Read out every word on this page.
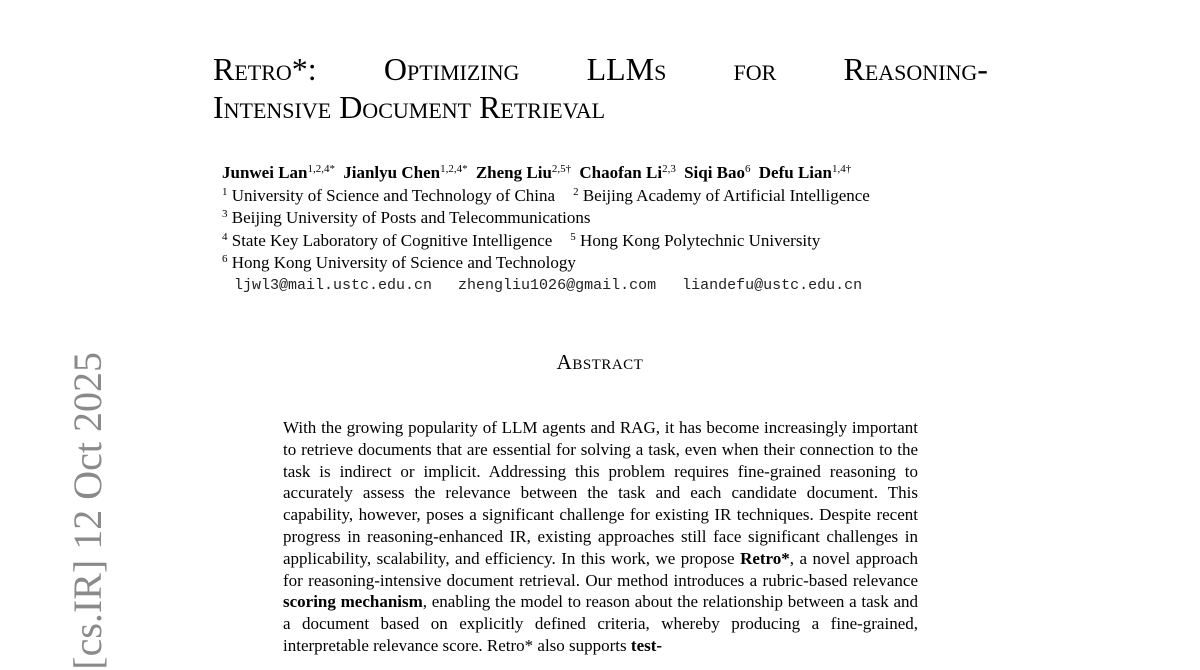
[cs.IR] 12 Oct 2025
Retro*: Optimizing LLMs for Reasoning-
Intensive Document Retrieval
Junwei Lan$^{1,2,4*}$ Jianlyu Chen$^{1,2,4*}$ Zheng Liu$^{2,5\dagger}$ Chaofan Li$^{2,3}$ Siqi Bao$^6$ Defu Lian$^{1,4\dagger}$
$^1$ University of Science and Technology of China $^2$ Beijing Academy of Artificial Intelligence
$^3$ Beijing University of Posts and Telecommunications
$^4$ State Key Laboratory of Cognitive Intelligence $^5$ Hong Kong Polytechnic University
$^6$ Hong Kong University of Science and Technology
ljwl3@mail.ustc.edu.cn zhengliu1026@gmail.com liandefu@ustc.edu.cn
Abstract

With the growing popularity of LLM agents and RAG, it has become increasingly important to retrieve documents that are essential for solving a task, even when their connection to the task is indirect or implicit. Addressing this problem requires fine-grained reasoning to accurately assess the relevance between the task and each candidate document. This capability, however, poses a significant challenge for existing IR techniques. Despite recent progress in reasoning-enhanced IR, existing approaches still face significant challenges in applicability, scalability, and efficiency. In this work, we propose Retro*, a novel approach for reasoning-intensive document retrieval. Our method introduces a rubric-based relevance scoring mechanism, enabling the model to reason about the relationship between a task and a document based on explicitly defined criteria, whereby producing a fine-grained, interpretable relevance score. Retro* also supports test-
